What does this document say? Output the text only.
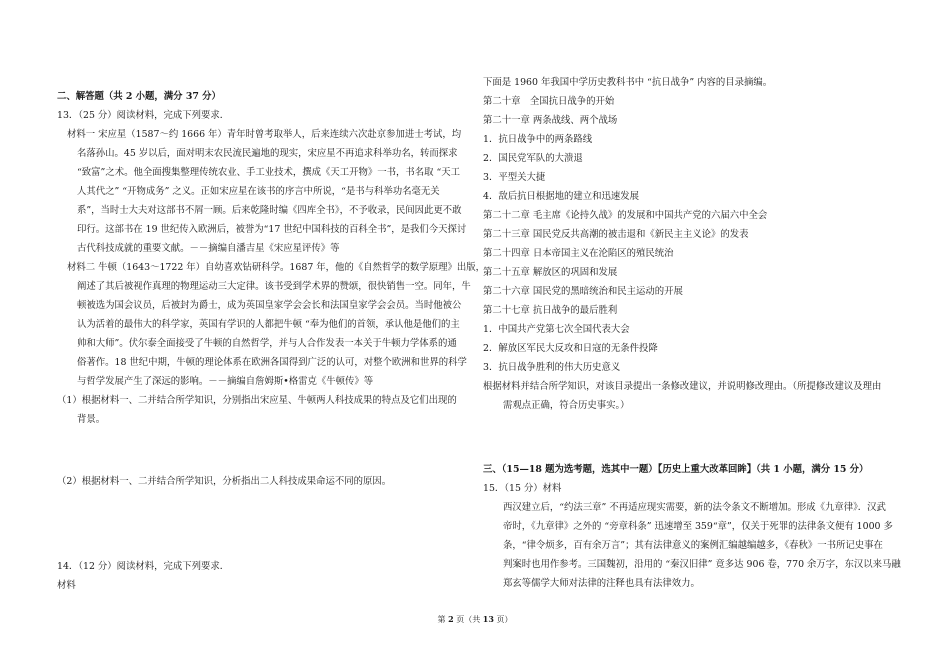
二、解答题（共 2 小题，满分 37 分）
13．（25 分）阅读材料，完成下列要求．
材料一 宋应星（1587～约 1666 年）青年时曾考取举人，后来连续六次赴京参加进士考试，均
名落孙山。45 岁以后，面对明末农民流民遍地的现实，宋应星不再追求科举功名，转而探求
“致富”之术。他全面搜集整理传统农业、手工业技术，撰成《天工开物》一书，书名取 “天工
人其代之” “开物成务” 之义。正如宋应星在该书的序言中所说，“是书与科举功名毫无关
系”，当时士大夫对这部书不屑一顾。后来乾隆时编《四库全书》，不予收录，民间因此更不敢
印行。这部书在 19 世纪传入欧洲后，被誉为“17 世纪中国科技的百科全书”，是我们今天探讨
古代科技成就的重要文献。－－摘编自潘吉星《宋应星评传》等
材料二 牛顿（1643～1722 年）自幼喜欢钻研科学。1687 年，他的《自然哲学的数学原理》出版，
阐述了其后被视作真理的物理运动三大定律。该书受到学术界的赞颂，很快销售一空。同年，牛
顿被选为国会议员，后被封为爵士，成为英国皇家学会会长和法国皇家学会会员。当时他被公
认为活着的最伟大的科学家，英国有学识的人都把牛顿 “奉为他们的首领，承认他是他们的主
帅和大师”。伏尔泰全面接受了牛顿的自然哲学，并与人合作发表一本关于牛顿力学体系的通
俗著作。18 世纪中期，牛顿的理论体系在欧洲各国得到广泛的认可，对整个欧洲和世界的科学
与哲学发展产生了深远的影响。－－摘编自詹姆斯•格雷克《牛顿传》等
（1）根据材料一、二并结合所学知识，分别指出宋应星、牛顿两人科技成果的特点及它们出现的
背景。
（2）根据材料一、二并结合所学知识，分析指出二人科技成果命运不同的原因。
14．（12 分）阅读材料，完成下列要求．
材料
下面是 1960 年我国中学历史教科书中 “抗日战争” 内容的目录摘编。
第二十章　全国抗日战争的开始
第二十一章 两条战线、两个战场
1．抗日战争中的两条路线
2．国民党军队的大溃退
3．平型关大捷
4．敌后抗日根据地的建立和迅速发展
第二十二章 毛主席《论持久战》的发展和中国共产党的六届六中全会
第二十三章 国民党反共高潮的被击退和《新民主主义论》的发表
第二十四章 日本帝国主义在沦陷区的殖民统治
第二十五章 解放区的巩固和发展
第二十六章 国民党的黑暗统治和民主运动的开展
第二十七章 抗日战争的最后胜利
1．中国共产党第七次全国代表大会
2．解放区军民大反攻和日寇的无条件投降
3．抗日战争胜利的伟大历史意义
根据材料并结合所学知识，对该目录提出一条修改建议，并说明修改理由。（所提修改建议及理由
需观点正确，符合历史事实。）
三、（15—18 题为选考题，选其中一题）【历史上重大改革回眸】（共 1 小题，满分 15 分）
15．（15 分）材料
西汉建立后，“约法三章” 不再适应现实需要，新的法令条文不断增加。形成《九章律》．汉武
帝时，《九章律》之外的 “旁章科条” 迅速增至 359“章”，仅关于死罪的法律条文便有 1000 多
条，“律令烦多，百有余万言”；其有法律意义的案例汇编越编越多，《春秋》一书所记史事在
判案时也用作参考。三国魏初，沿用的 “秦汉旧律” 竟多达 906 卷，770 余万字，东汉以来马融
郑玄等儒学大师对法律的注释也具有法律效力。
第 2 页（共 13 页）
